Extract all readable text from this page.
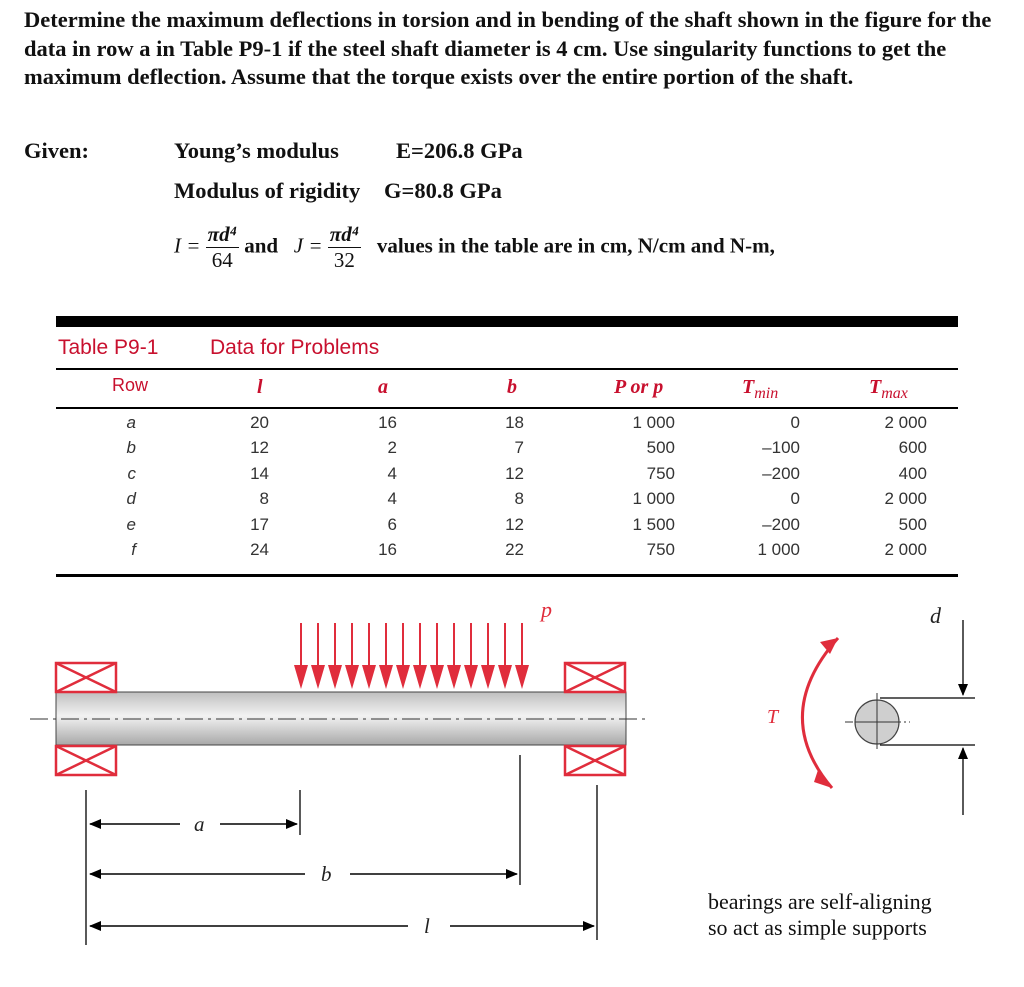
Determine the maximum deflections in torsion and in bending of the shaft shown in the figure for the data in row a in Table P9-1 if the steel shaft diameter is 4 cm. Use singularity functions to get the maximum deflection. Assume that the torque exists over the entire portion of the shaft.
Given:	Young’s modulus	E=206.8 GPa
Modulus of rigidity G=80.8 GPa
$I = \frac{\text{πd⁴}}{64}$ and $J = \frac{\text{πd⁴}}{32}$ values in the table are in cm, N/cm and N-m,
Table P9-1 Data for Problems
Row	l	a	b	P or p	$T_{min}$	$T_{max}$
a	20	16	18	1 000	0	2 000
b	12	2	7	500	–100	600
c	14	4	12	750	–200	400
d	8	4	8	1 000	0	2 000
e	17	6	12	1 500	–200	500
f	24	16	22	750	1 000	2 000
p
a
b
l
T
d
bearings are self-aligning
so act as simple supports
